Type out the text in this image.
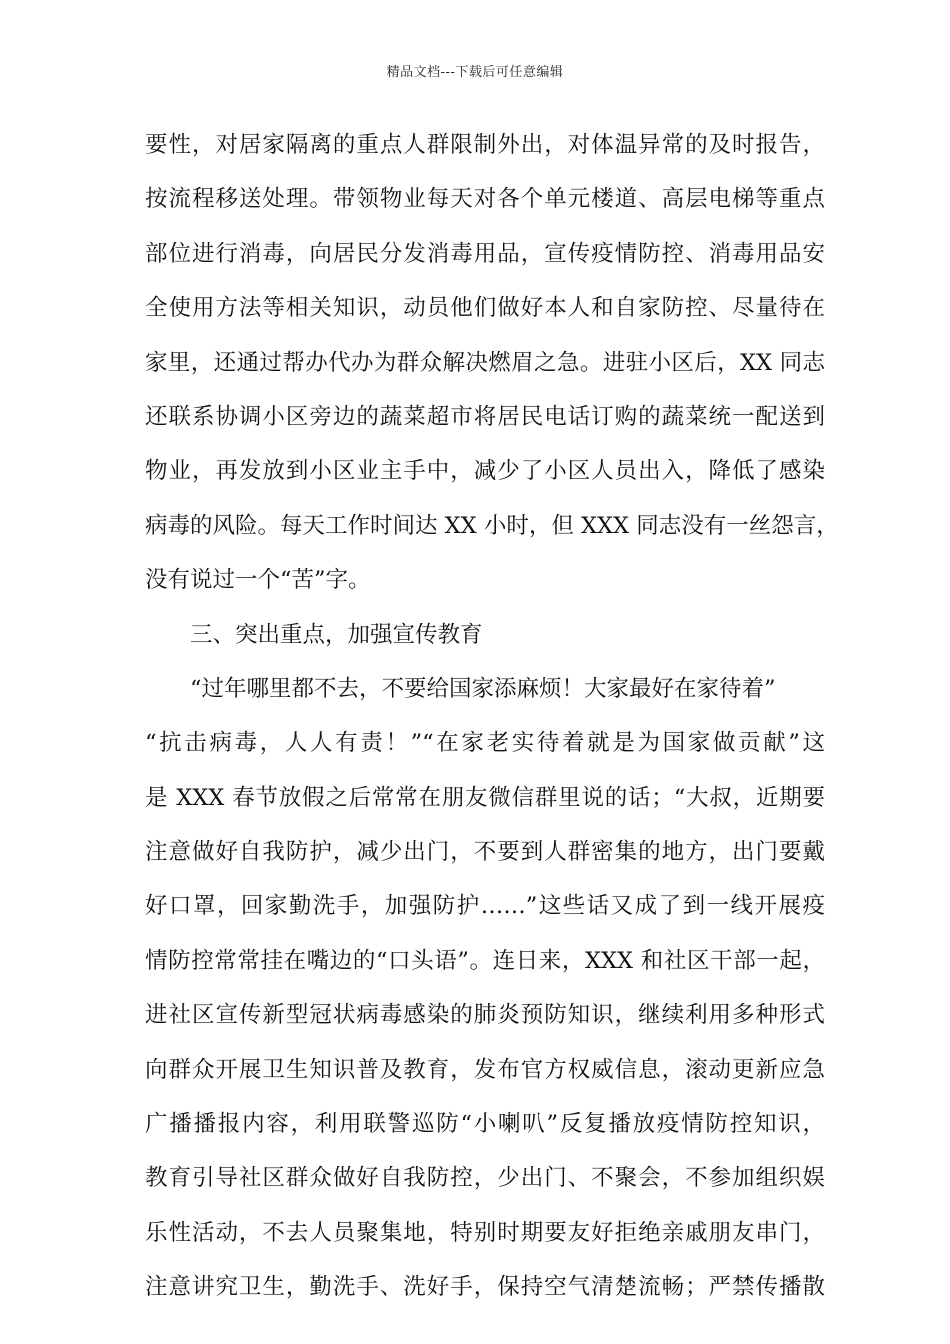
精品文档---下载后可任意编辑
要性，对居家隔离的重点人群限制外出，对体温异常的及时报告，
按流程移送处理。带领物业每天对各个单元楼道、高层电梯等重点
部位进行消毒，向居民分发消毒用品，宣传疫情防控、消毒用品安
全使用方法等相关知识，动员他们做好本人和自家防控、尽量待在
家里，还通过帮办代办为群众解决燃眉之急。进驻小区后，XX 同志
还联系协调小区旁边的蔬菜超市将居民电话订购的蔬菜统一配送到
物业，再发放到小区业主手中，减少了小区人员出入，降低了感染
病毒的风险。每天工作时间达 XX 小时，但 XXX 同志没有一丝怨言，
没有说过一个“苦”字。
三、突出重点，加强宣传教育
“过年哪里都不去，不要给国家添麻烦！大家最好在家待着”
“抗击病毒，人人有责！”“在家老实待着就是为国家做贡献”这
是 XXX 春节放假之后常常在朋友微信群里说的话；“大叔，近期要
注意做好自我防护，减少出门，不要到人群密集的地方，出门要戴
好口罩，回家勤洗手，加强防护……”这些话又成了到一线开展疫
情防控常常挂在嘴边的“口头语”。连日来，XXX 和社区干部一起，
进社区宣传新型冠状病毒感染的肺炎预防知识，继续利用多种形式
向群众开展卫生知识普及教育，发布官方权威信息，滚动更新应急
广播播报内容，利用联警巡防“小喇叭”反复播放疫情防控知识，
教育引导社区群众做好自我防控，少出门、不聚会，不参加组织娱
乐性活动，不去人员聚集地，特别时期要友好拒绝亲戚朋友串门，
注意讲究卫生，勤洗手、洗好手，保持空气清楚流畅；严禁传播散
